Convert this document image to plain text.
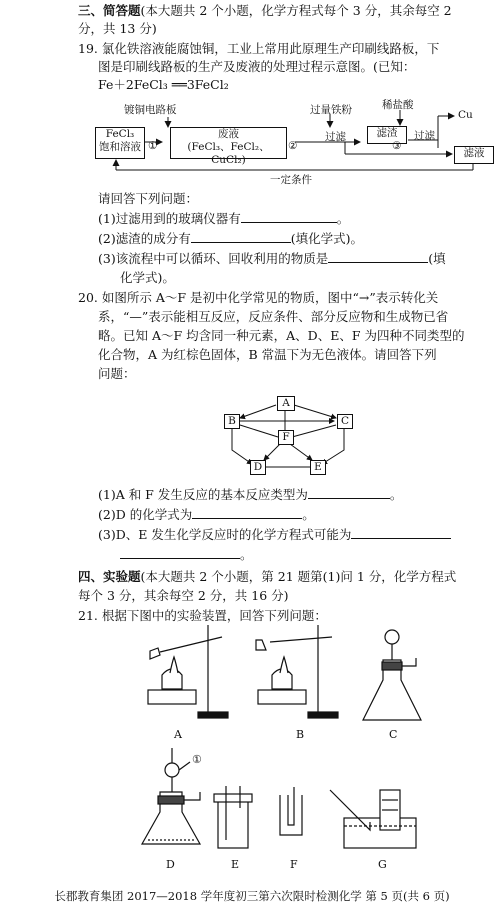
三、简答题(本大题共 2 个小题，化学方程式每个 3 分，其余每空 2
分，共 13 分)
19. 氯化铁溶液能腐蚀铜，工业上常用此原理生产印刷线路板，下
图是印刷线路板的生产及废液的处理过程示意图。(已知：
Fe＋2FeCl₃ ══3FeCl₂
镀铜电路板
FeCl₃
饱和溶液 ①
废液
(FeCl₃、FeCl₂、CuCl₂)
②
过量铁粉
过滤	滤渣
③
稀盐酸
过滤
Cu
滤液
一定条件
请回答下列问题：
(1)过滤用到的玻璃仪器有	。
(2)滤渣的成分有	(填化学式)。
(3)该流程中可以循环、回收利用的物质是	(填
化学式)。
20. 如图所示 A～F 是初中化学常见的物质，图中“→”表示转化关
系，“—”表示能相互反应，反应条件、部分反应物和生成物已省
略。已知 A～F 均含同一种元素，A、D、E、F 为四种不同类型的
化合物，A 为红棕色固体，B 常温下为无色液体。请回答下列
问题：
A
B	C
F
D	E
(1)A 和 F 发生反应的基本反应类型为	。
(2)D 的化学式为	。
(3)D、E 发生化学反应时的化学方程式可能为
。
四、实验题(本大题共 2 个小题，第 21 题第(1)问 1 分，化学方程式
每个 3 分，其余每空 2 分，共 16 分)
21. 根据下图中的实验装置，回答下列问题：
A	B	C
①
D	E	F	G
长郡教育集团 2017—2018 学年度初三第六次限时检测化学 第 5 页(共 6 页)
